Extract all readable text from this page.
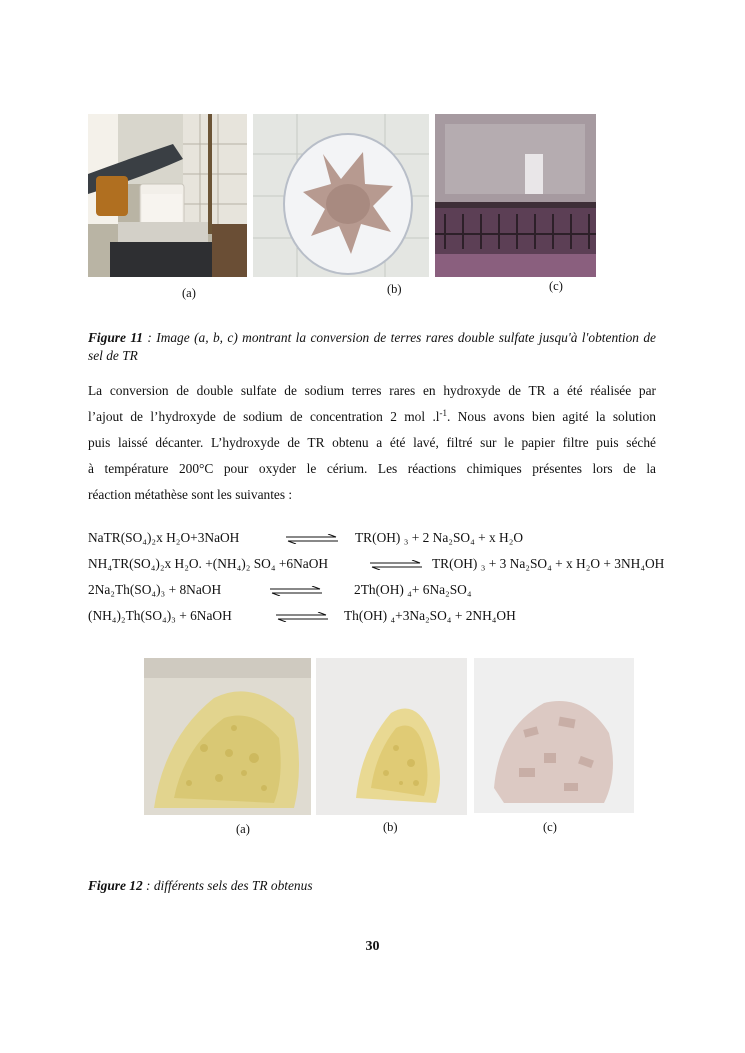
(a)	(b)	(c)
Figure 11 : Image (a, b, c) montrant la conversion de terres rares double sulfate jusqu'à l'obtention de sel de TR
La conversion de double sulfate de sodium terres rares en hydroxyde de TR a été réalisée par
l’ajout de l’hydroxyde de sodium de concentration 2 mol $.l^{-1}$. Nous avons bien agité la solution
puis laissé décanter. L’hydroxyde de TR obtenu a été lavé, filtré sur le papier filtre puis séché
à température 200°C pour oxyder le cérium. Les réactions chimiques présentes lors de la
réaction métathèse sont les suivantes :
NaTR(SO₄)₂x H₂O+3NaOH	⇌ TR(OH) ₃ + 2 Na₂SO₄ + x H₂O
NH₄TR(SO₄)₂x H₂O. +(NH₄)₂ SO₄ +6NaOH	⇌ TR(OH) ₃ + 3 Na₂SO₄ + x H₂O + 3NH₄OH
2Na₂Th(SO₄)₃ + 8NaOH	2Th(OH) ₄+ 6Na₂SO₄
(NH₄)₂Th(SO₄)₃ + 6NaOH	⇌ Th(OH) ₄+3Na₂SO₄ + 2NH₄OH
(a)	(b)	(c)
Figure 12 : différents sels des TR obtenus
30
